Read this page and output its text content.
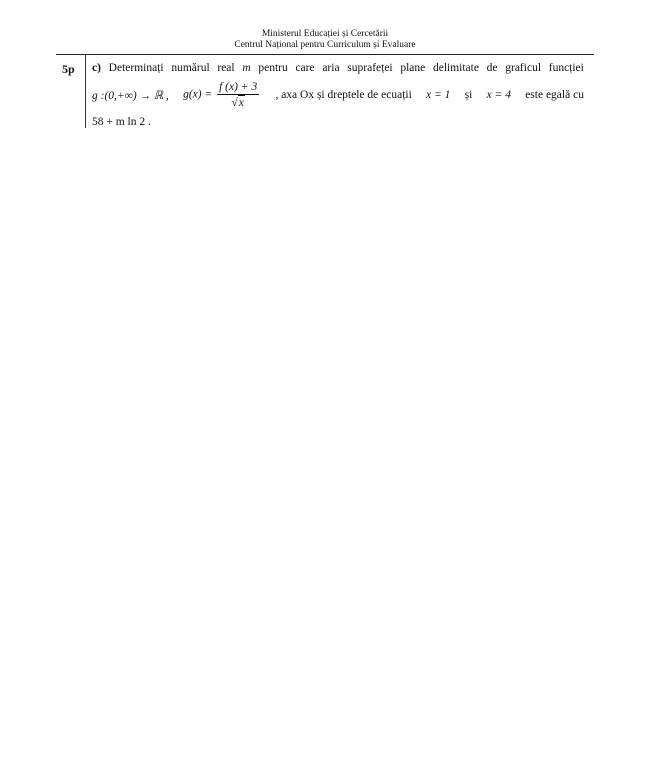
Ministerul Educației și Cercetării
Centrul Național pentru Curriculum și Evaluare
5p c) Determinați numărul real m pentru care aria suprafeței plane delimitate de graficul funcției
g :(0,+∞) → ℝ , $g(x) = \frac{f (x) + 3}{√x}$ , axa Ox și dreptele de ecuații x = 1 și x = 4 este egală cu
58 + m ln 2 .
